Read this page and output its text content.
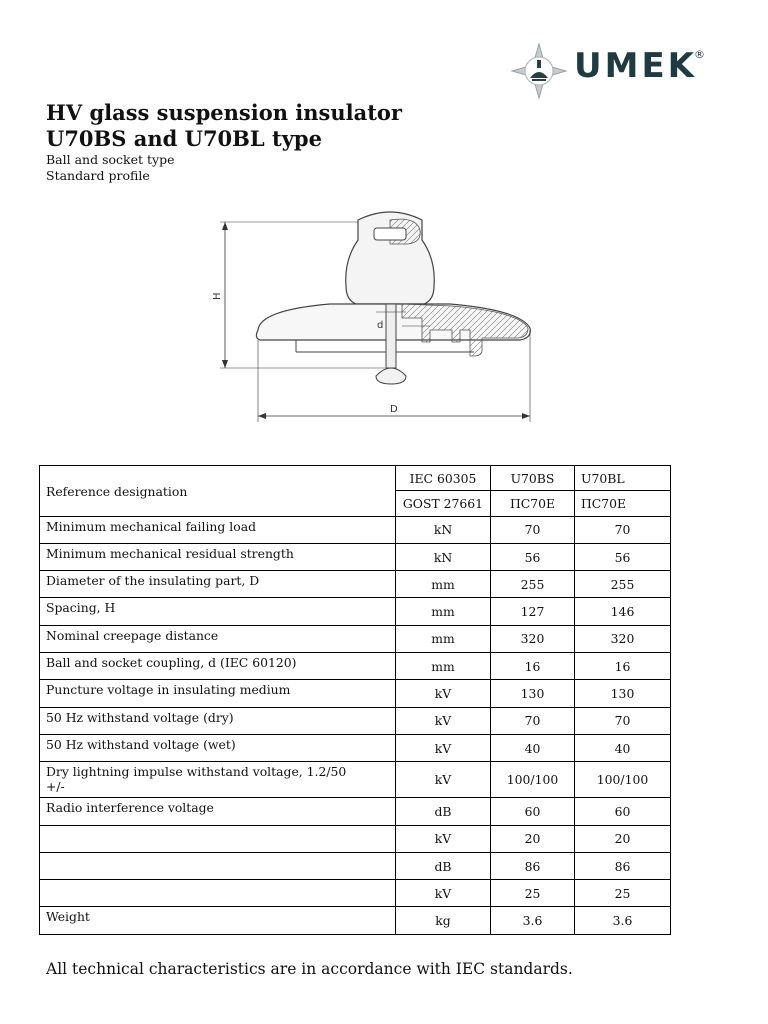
UMEK
®

HV glass suspension insulator

U70BS and U70BL type

Ball and socket type

Standard profile

H
d
D
Reference designation	IEC 60305	U70BS	U70BL
	GOST 27661	ПС70Е	ПС70Е
Minimum mechanical failing load	kN	70	70
Minimum mechanical residual strength	kN	56	56
Diameter of the insulating part, D	mm	255	255
Spacing, H	mm	127	146
Nominal creepage distance	mm	320	320
Ball and socket coupling, d (IEC 60120)	mm	16	16
Puncture voltage in insulating medium	kV	130	130
50 Hz withstand voltage (dry)	kV	70	70
50 Hz withstand voltage (wet)	kV	40	40

Dry lightning impulse withstand voltage, 1.2/50
+/-	kV	100/100	100/100
Radio interference voltage	dB	60	60
	kV	20	20
	dB	86	86
	kV	25	25
Weight	kg	3.6	3.6
All technical characteristics are in accordance with IEC standards.
